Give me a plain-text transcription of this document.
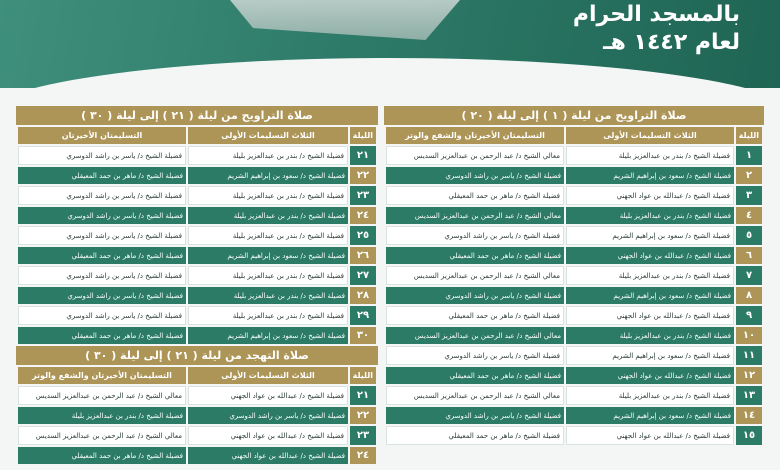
بالمسجد الحرام
لعام ١٤٤٢ هـ
صلاة التراويح من ليلة ( ١ ) إلى ليلة ( ٢٠ )
الليلة	الثلاث التسليمات الأولى	التسليمتان الأخيرتان والشفع والوتر
١	فضيلة الشيخ د/ بندر بن عبدالعزيز بليلة	معالي الشيخ د/ عبد الرحمن بن عبدالعزيز السديس
٢	فضيلة الشيخ د/ سعود بن إبراهيم الشريم	فضيلة الشيخ د/ ياسر بن راشد الدوسري
٣	فضيلة الشيخ د/ عبدالله بن عواد الجهني	فضيلة الشيخ د/ ماهر بن حمد المعيقلي
٤	فضيلة الشيخ د/ بندر بن عبدالعزيز بليلة	معالي الشيخ د/ عبد الرحمن بن عبدالعزيز السديس
٥	فضيلة الشيخ د/ سعود بن إبراهيم الشريم	فضيلة الشيخ د/ ياسر بن راشد الدوسري
٦	فضيلة الشيخ د/ عبدالله بن عواد الجهني	فضيلة الشيخ د/ ماهر بن حمد المعيقلي
٧	فضيلة الشيخ د/ بندر بن عبدالعزيز بليلة	معالي الشيخ د/ عبد الرحمن بن عبدالعزيز السديس
٨	فضيلة الشيخ د/ سعود بن إبراهيم الشريم	فضيلة الشيخ د/ ياسر بن راشد الدوسري
٩	فضيلة الشيخ د/ عبدالله بن عواد الجهني	فضيلة الشيخ د/ ماهر بن حمد المعيقلي
١٠	فضيلة الشيخ د/ بندر بن عبدالعزيز بليلة	معالي الشيخ د/ عبد الرحمن بن عبدالعزيز السديس
١١	فضيلة الشيخ د/ سعود بن إبراهيم الشريم	فضيلة الشيخ د/ ياسر بن راشد الدوسري
١٢	فضيلة الشيخ د/ عبدالله بن عواد الجهني	فضيلة الشيخ د/ ماهر بن حمد المعيقلي
١٣	فضيلة الشيخ د/ بندر بن عبدالعزيز بليلة	معالي الشيخ د/ عبد الرحمن بن عبدالعزيز السديس
١٤	فضيلة الشيخ د/ سعود بن إبراهيم الشريم	فضيلة الشيخ د/ ياسر بن راشد الدوسري
١٥	فضيلة الشيخ د/ عبدالله بن عواد الجهني	فضيلة الشيخ د/ ماهر بن حمد المعيقلي
صلاة التراويح من ليلة ( ٢١ ) إلى ليلة ( ٣٠ )
الليلة	الثلاث التسليمات الأولى	التسليمتان الأخيرتان
٢١	فضيلة الشيخ د/ بندر بن عبدالعزيز بليلة	فضيلة الشيخ د/ ياسر بن راشد الدوسري
٢٢	فضيلة الشيخ د/ سعود بن إبراهيم الشريم	فضيلة الشيخ د/ ماهر بن حمد المعيقلي
٢٣	فضيلة الشيخ د/ بندر بن عبدالعزيز بليلة	فضيلة الشيخ د/ ياسر بن راشد الدوسري
٢٤	فضيلة الشيخ د/ بندر بن عبدالعزيز بليلة	فضيلة الشيخ د/ ياسر بن راشد الدوسري
٢٥	فضيلة الشيخ د/ بندر بن عبدالعزيز بليلة	فضيلة الشيخ د/ ياسر بن راشد الدوسري
٢٦	فضيلة الشيخ د/ سعود بن إبراهيم الشريم	فضيلة الشيخ د/ ماهر بن حمد المعيقلي
٢٧	فضيلة الشيخ د/ بندر بن عبدالعزيز بليلة	فضيلة الشيخ د/ ياسر بن راشد الدوسري
٢٨	فضيلة الشيخ د/ بندر بن عبدالعزيز بليلة	فضيلة الشيخ د/ ياسر بن راشد الدوسري
٢٩	فضيلة الشيخ د/ بندر بن عبدالعزيز بليلة	فضيلة الشيخ د/ ياسر بن راشد الدوسري
٣٠	فضيلة الشيخ د/ سعود بن إبراهيم الشريم	فضيلة الشيخ د/ ماهر بن حمد المعيقلي
صلاة التهجد من ليلة ( ٢١ ) إلى ليلة ( ٣٠ )
الليلة	الثلاث التسليمات الأولى	التسليمتان الأخيرتان والشفع والوتر
٢١	فضيلة الشيخ د/ عبدالله بن عواد الجهني	معالي الشيخ د/ عبد الرحمن بن عبدالعزيز السديس
٢٢	فضيلة الشيخ د/ ياسر بن راشد الدوسري	فضيلة الشيخ د/ بندر بن عبدالعزيز بليلة
٢٣	فضيلة الشيخ د/ عبدالله بن عواد الجهني	معالي الشيخ د/ عبد الرحمن بن عبدالعزيز السديس
٢٤	فضيلة الشيخ د/ عبدالله بن عواد الجهني	فضيلة الشيخ د/ ماهر بن حمد المعيقلي
